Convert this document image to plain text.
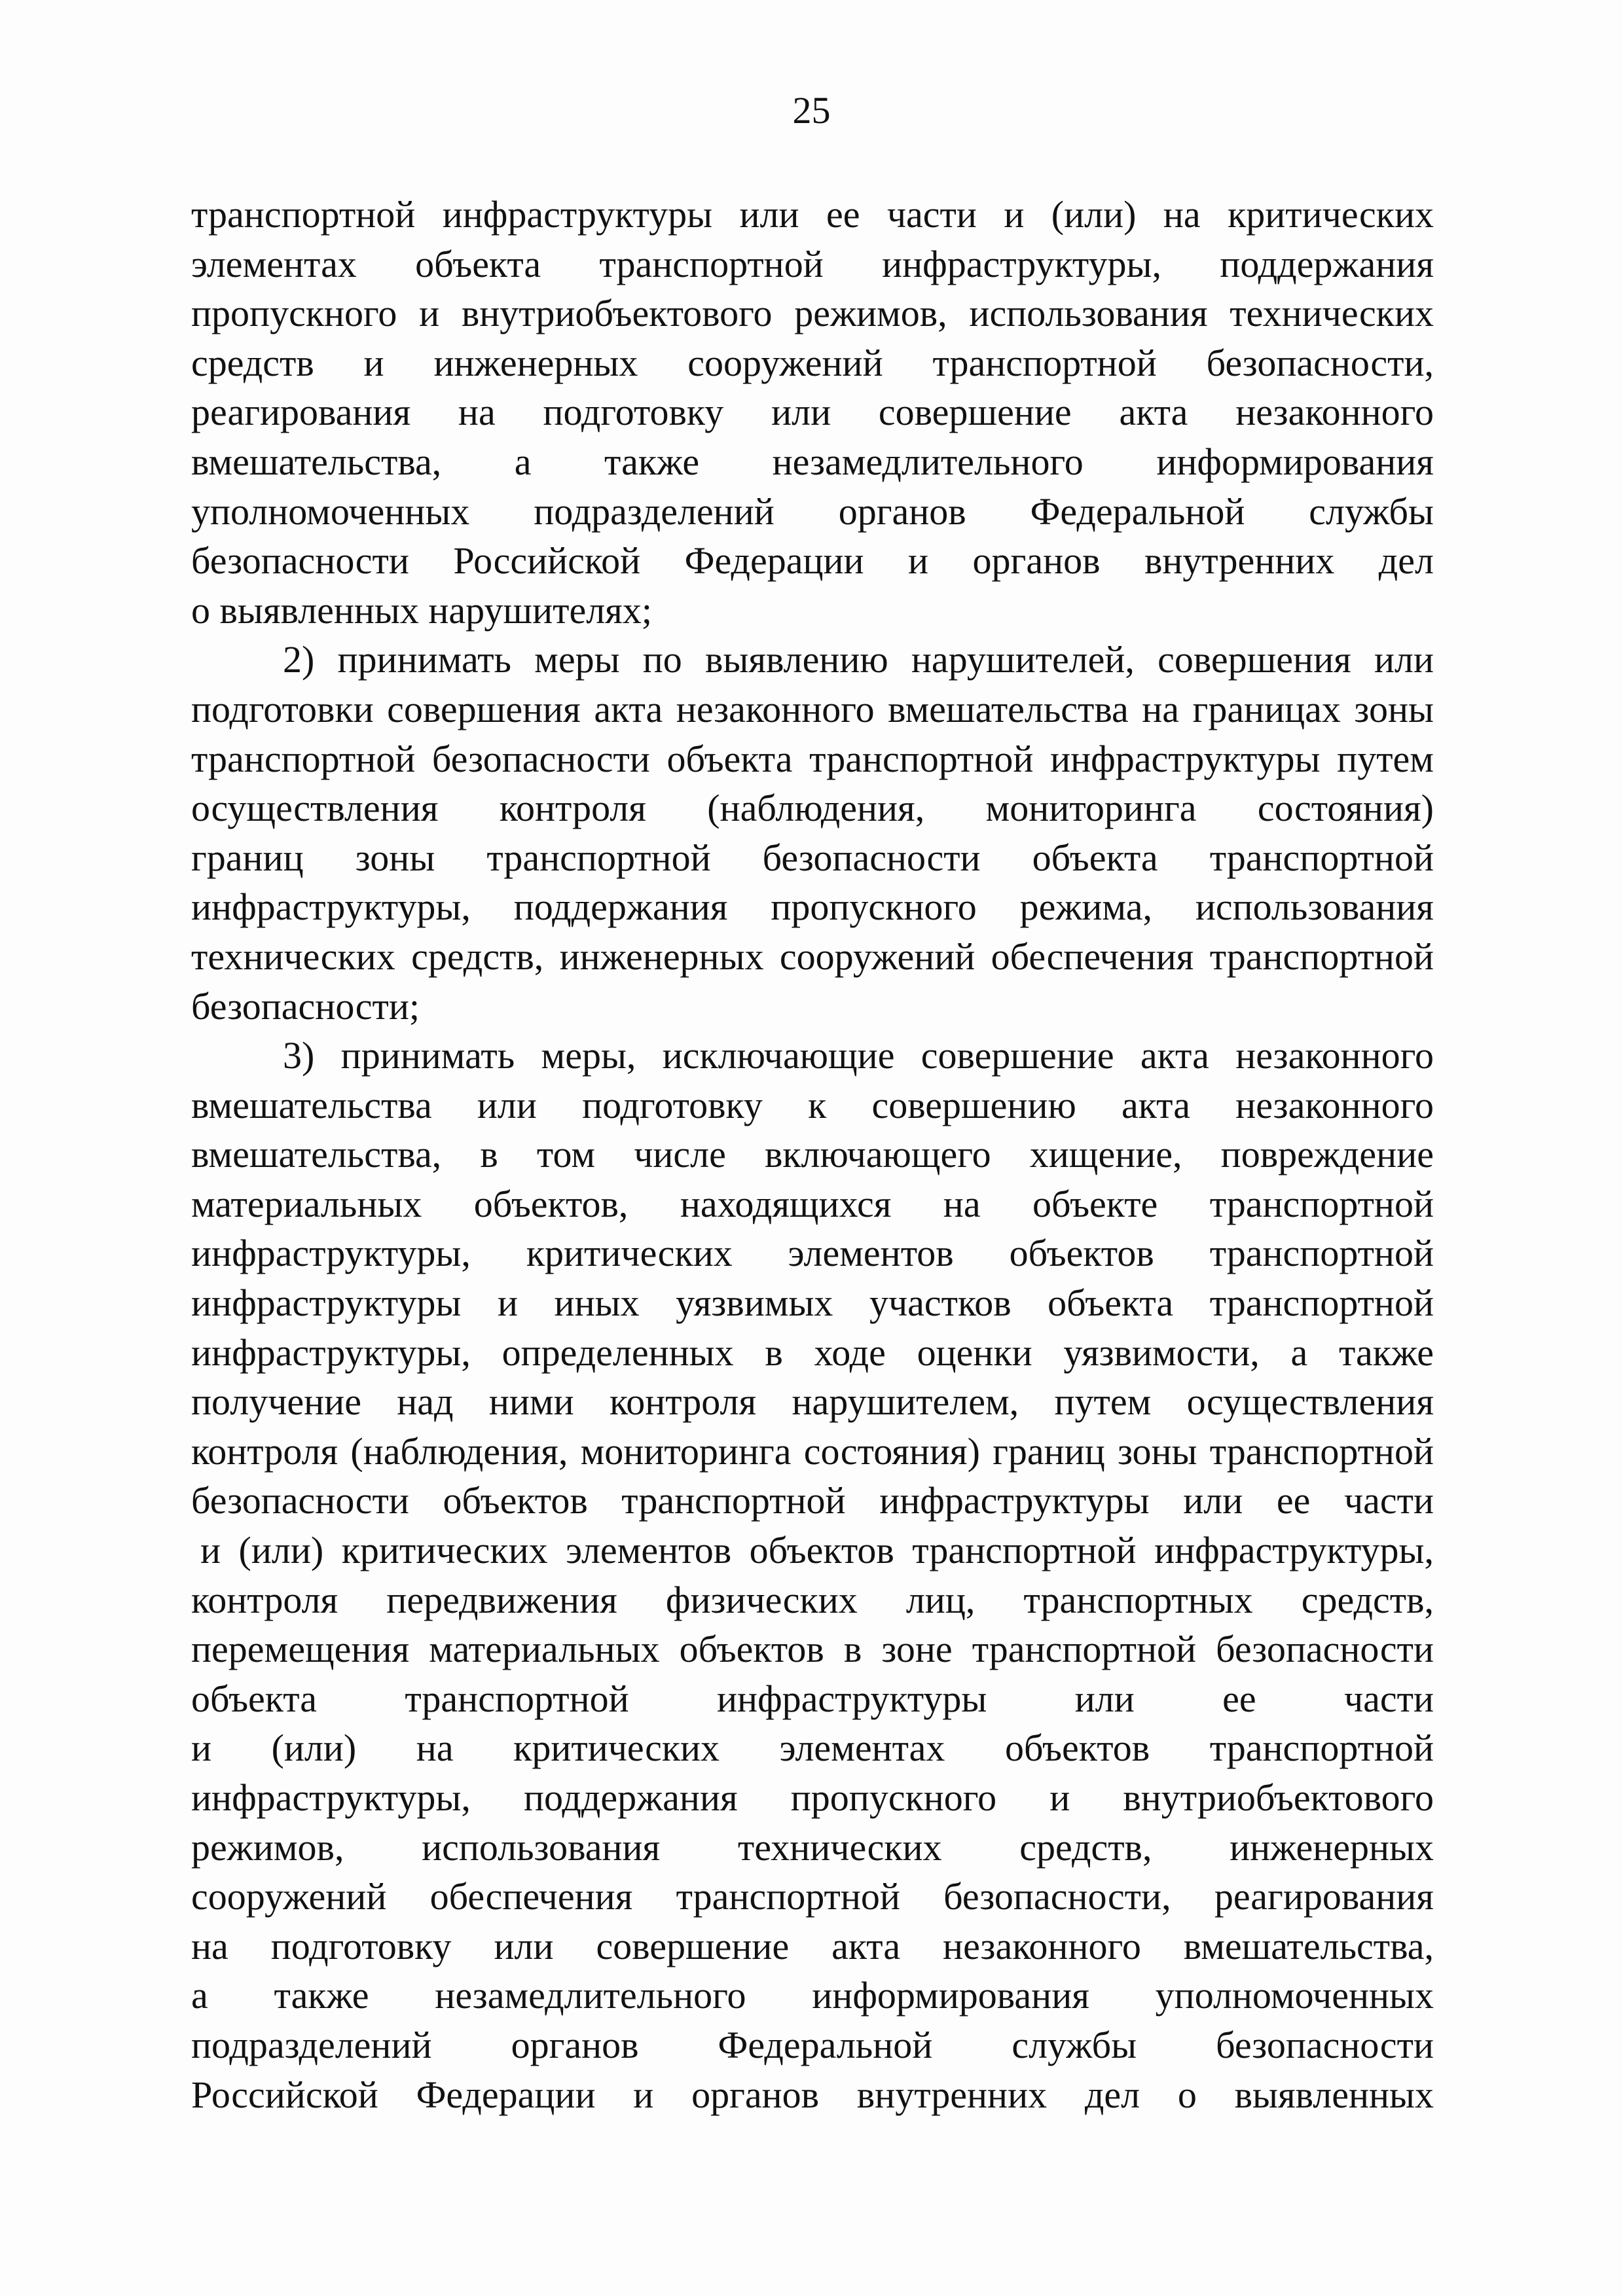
25
транспортной инфраструктуры или ее части и (или) на критических
элементах объекта транспортной инфраструктуры, поддержания
пропускного и внутриобъектового режимов, использования технических
средств и инженерных сооружений транспортной безопасности,
реагирования на подготовку или совершение акта незаконного
вмешательства, а также незамедлительного информирования
уполномоченных подразделений органов Федеральной службы
безопасности Российской Федерации и органов внутренних дел
о выявленных нарушителях;
2) принимать меры по выявлению нарушителей, совершения или
подготовки совершения акта незаконного вмешательства на границах зоны
транспортной безопасности объекта транспортной инфраструктуры путем
осуществления контроля (наблюдения, мониторинга состояния)
границ зоны транспортной безопасности объекта транспортной
инфраструктуры, поддержания пропускного режима, использования
технических средств, инженерных сооружений обеспечения транспортной
безопасности;
3) принимать меры, исключающие совершение акта незаконного
вмешательства или подготовку к совершению акта незаконного
вмешательства, в том числе включающего хищение, повреждение
материальных объектов, находящихся на объекте транспортной
инфраструктуры, критических элементов объектов транспортной
инфраструктуры и иных уязвимых участков объекта транспортной
инфраструктуры, определенных в ходе оценки уязвимости, а также
получение над ними контроля нарушителем, путем осуществления
контроля (наблюдения, мониторинга состояния) границ зоны транспортной
безопасности объектов транспортной инфраструктуры или ее части
и (или) критических элементов объектов транспортной инфраструктуры,
контроля передвижения физических лиц, транспортных средств,
перемещения материальных объектов в зоне транспортной безопасности
объекта транспортной инфраструктуры или ее части
и (или) на критических элементах объектов транспортной
инфраструктуры, поддержания пропускного и внутриобъектового
режимов, использования технических средств, инженерных
сооружений обеспечения транспортной безопасности, реагирования
на подготовку или совершение акта незаконного вмешательства,
а также незамедлительного информирования уполномоченных
подразделений органов Федеральной службы безопасности
Российской Федерации и органов внутренних дел о выявленных
